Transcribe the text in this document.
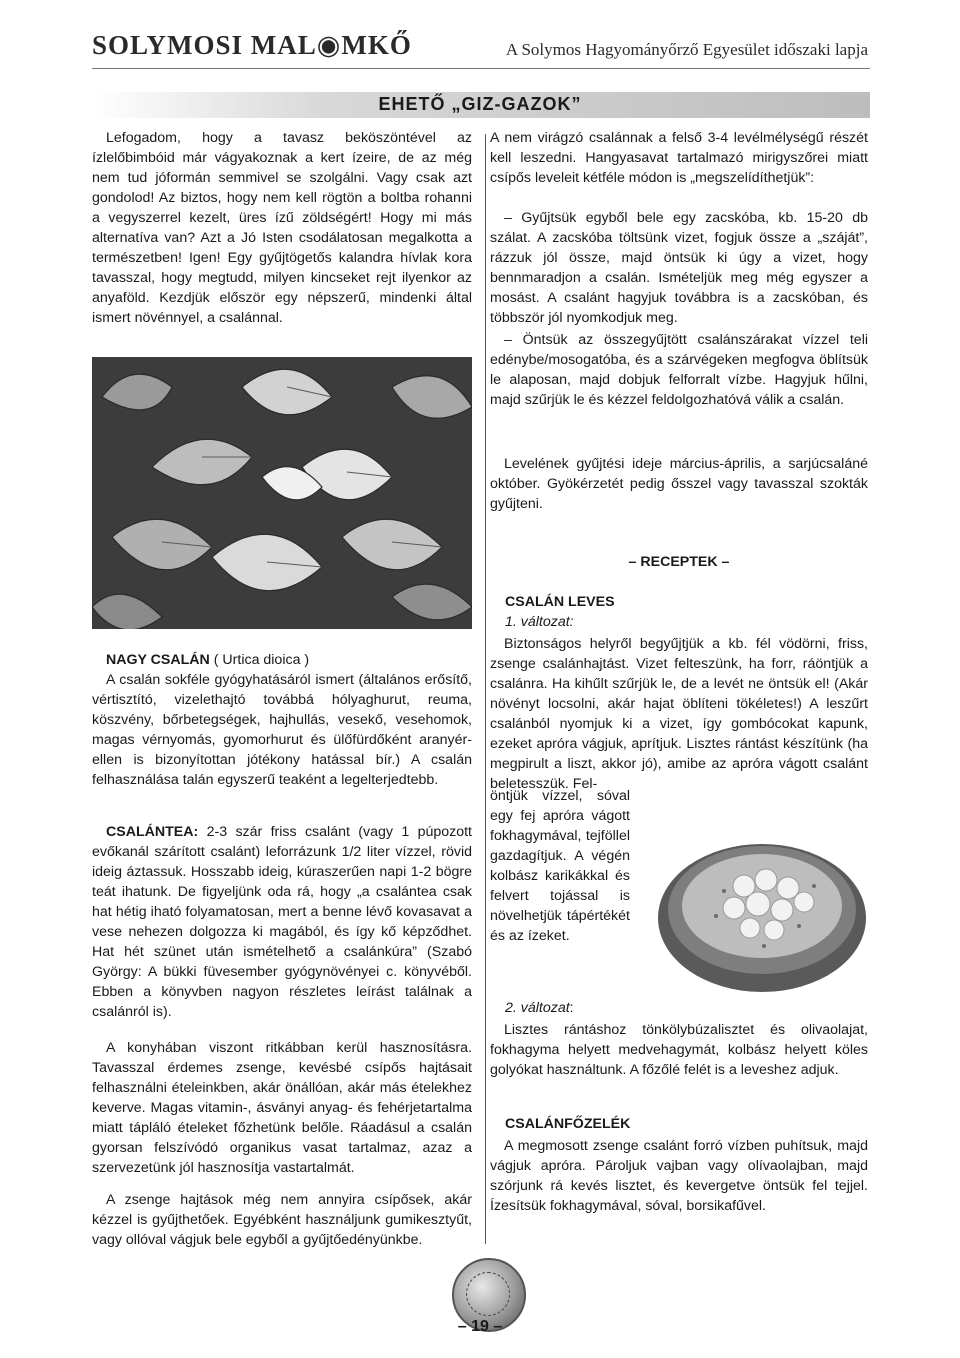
SOLYMOSI MAL◉MKŐ	A Solymos Hagyományőrző Egyesület időszaki lapja
EHETŐ „GIZ-GAZOK”

Lefogadom, hogy a tavasz beköszöntével az ízlelőbimbóid már vágyakoznak a kert ízeire, de az még nem tud jóformán semmivel se szolgálni. Vagy csak azt gondolod! Az biztos, hogy nem kell rögtön a boltba rohanni a vegyszerrel kezelt, üres ízű zöldségért! Hogy mi más alternatíva van? Azt a Jó Isten csodálatosan megalkotta a természetben! Igen! Egy gyűjtögetős kalandra hívlak kora tavasszal, hogy megtudd, milyen kincseket rejt ilyenkor az anyaföld. Kezdjük először egy népszerű, mindenki által ismert növénnyel, a csalánnal.

NAGY CSALÁN ( Urtica dioica )

A csalán sokféle gyógyhatásáról ismert (általános erősítő, vértisztító, vizelethajtó továbbá hólyaghurut, reuma, köszvény, bőrbetegségek, hajhullás, vesekő, vesehomok, magas vérnyomás, gyomorhurut és ülőfürdőként aranyér- ellen is bizonyítottan jótékony hatással bír.) A csalán felhasználása talán egyszerű teaként a legelterjedtebb.

CSALÁNTEA: 2-3 szár friss csalánt (vagy 1 púpozott evőkanál szárított csalánt) leforrázunk 1/2 liter vízzel, rövid ideig áztassuk. Hosszabb ideig, kúraszerűen napi 1-2 bögre teát ihatunk. De figyeljünk oda rá, hogy „a csalántea csak hat hétig iható folyamatosan, mert a benne lévő kovasavat a vese nehezen dolgozza ki magából, és így kő képződhet. Hat hét szünet után ismételhető a csalánkúra” (Szabó György: A bükki füvesember gyógynövényei c. könyvéből. Ebben a könyvben nagyon részletes leírást találnak a csalánról is).

A konyhában viszont ritkábban kerül hasznosításra. Tavasszal érdemes zsenge, kevésbé csípős hajtásait felhasználni ételeinkben, akár önállóan, akár más ételekhez keverve. Magas vitamin-, ásványi anyag- és fehérjetartalma miatt tápláló ételeket főzhetünk belőle. Ráadásul a csalán gyorsan felszívódó organikus vasat tartalmaz, azaz a szervezetünk jól hasznosítja vastartalmát.

A zsenge hajtások még nem annyira csípősek, akár kézzel is gyűjthetőek. Egyébként használjunk gumikesztyűt, vagy ollóval vágjuk bele egyből a gyűjtőedényünkbe.

A nem virágzó csalánnak a felső 3-4 levélmélységű részét kell leszedni. Hangyasavat tartalmazó mirigyszőrei miatt csípős leveleit kétféle módon is „megszelídíthetjük”:

– Gyűjtsük egyből bele egy zacskóba, kb. 15-20 db szálat. A zacskóba töltsünk vizet, fogjuk össze a „száját”, rázzuk jól össze, majd öntsük ki úgy a vizet, hogy bennmaradjon a csalán. Ismételjük meg még egyszer a mosást. A csalánt hagyjuk továbbra is a zacskóban, és többször jól nyomkodjuk meg.

– Öntsük az összegyűjtött csalánszárakat vízzel teli edénybe/mosogatóba, és a szárvégeken megfogva öblítsük le alaposan, majd dobjuk felforralt vízbe. Hagyjuk hűlni, majd szűrjük le és kézzel feldolgozhatóvá válik a csalán.

Levelének gyűjtési ideje március-április, a sarjúcsaláné október. Gyökérzetét pedig ősszel vagy tavasszal szokták gyűjteni.

– RECEPTEK –
CSALÁN LEVES
1. változat:

Biztonságos helyről begyűjtjük a kb. fél vödörni, friss, zsenge csalánhajtást. Vizet felteszünk, ha forr, ráöntjük a csalánra. Ha kihűlt szűrjük le, de a levét ne öntsük el! (Akár növényt locsolni, akár hajat öblíteni tökéletes!) A leszűrt csalánból nyomjuk ki a vizet, így gombócokat kapunk, ezeket apróra vágjuk, aprítjuk. Lisztes rántást készítünk (ha megpirult a liszt, akkor jó), amibe az apróra vágott csalánt beletesszük. Fel-

öntjük vízzel, sóval egy fej apróra vágott fokhagymával, tejföllel gazdagítjuk. A végén kolbász karikákkal és felvert tojással is növelhetjük tápértékét és az ízeket.

2. változat:

Lisztes rántáshoz tönkölybúzalisztet és olivaolajat, fokhagyma helyett medvehagymát, kolbász helyett köles golyókat használtunk. A főzőlé felét is a leveshez adjuk.

CSALÁNFŐZELÉK

A megmosott zsenge csalánt forró vízben puhítsuk, majd vágjuk apróra. Pároljuk vajban vagy olívaolajban, majd szórjunk rá kevés lisztet, és kevergetve öntsük fel tejjel. Ízesítsük fokhagymával, sóval, borsikafűvel.

– 19 –
